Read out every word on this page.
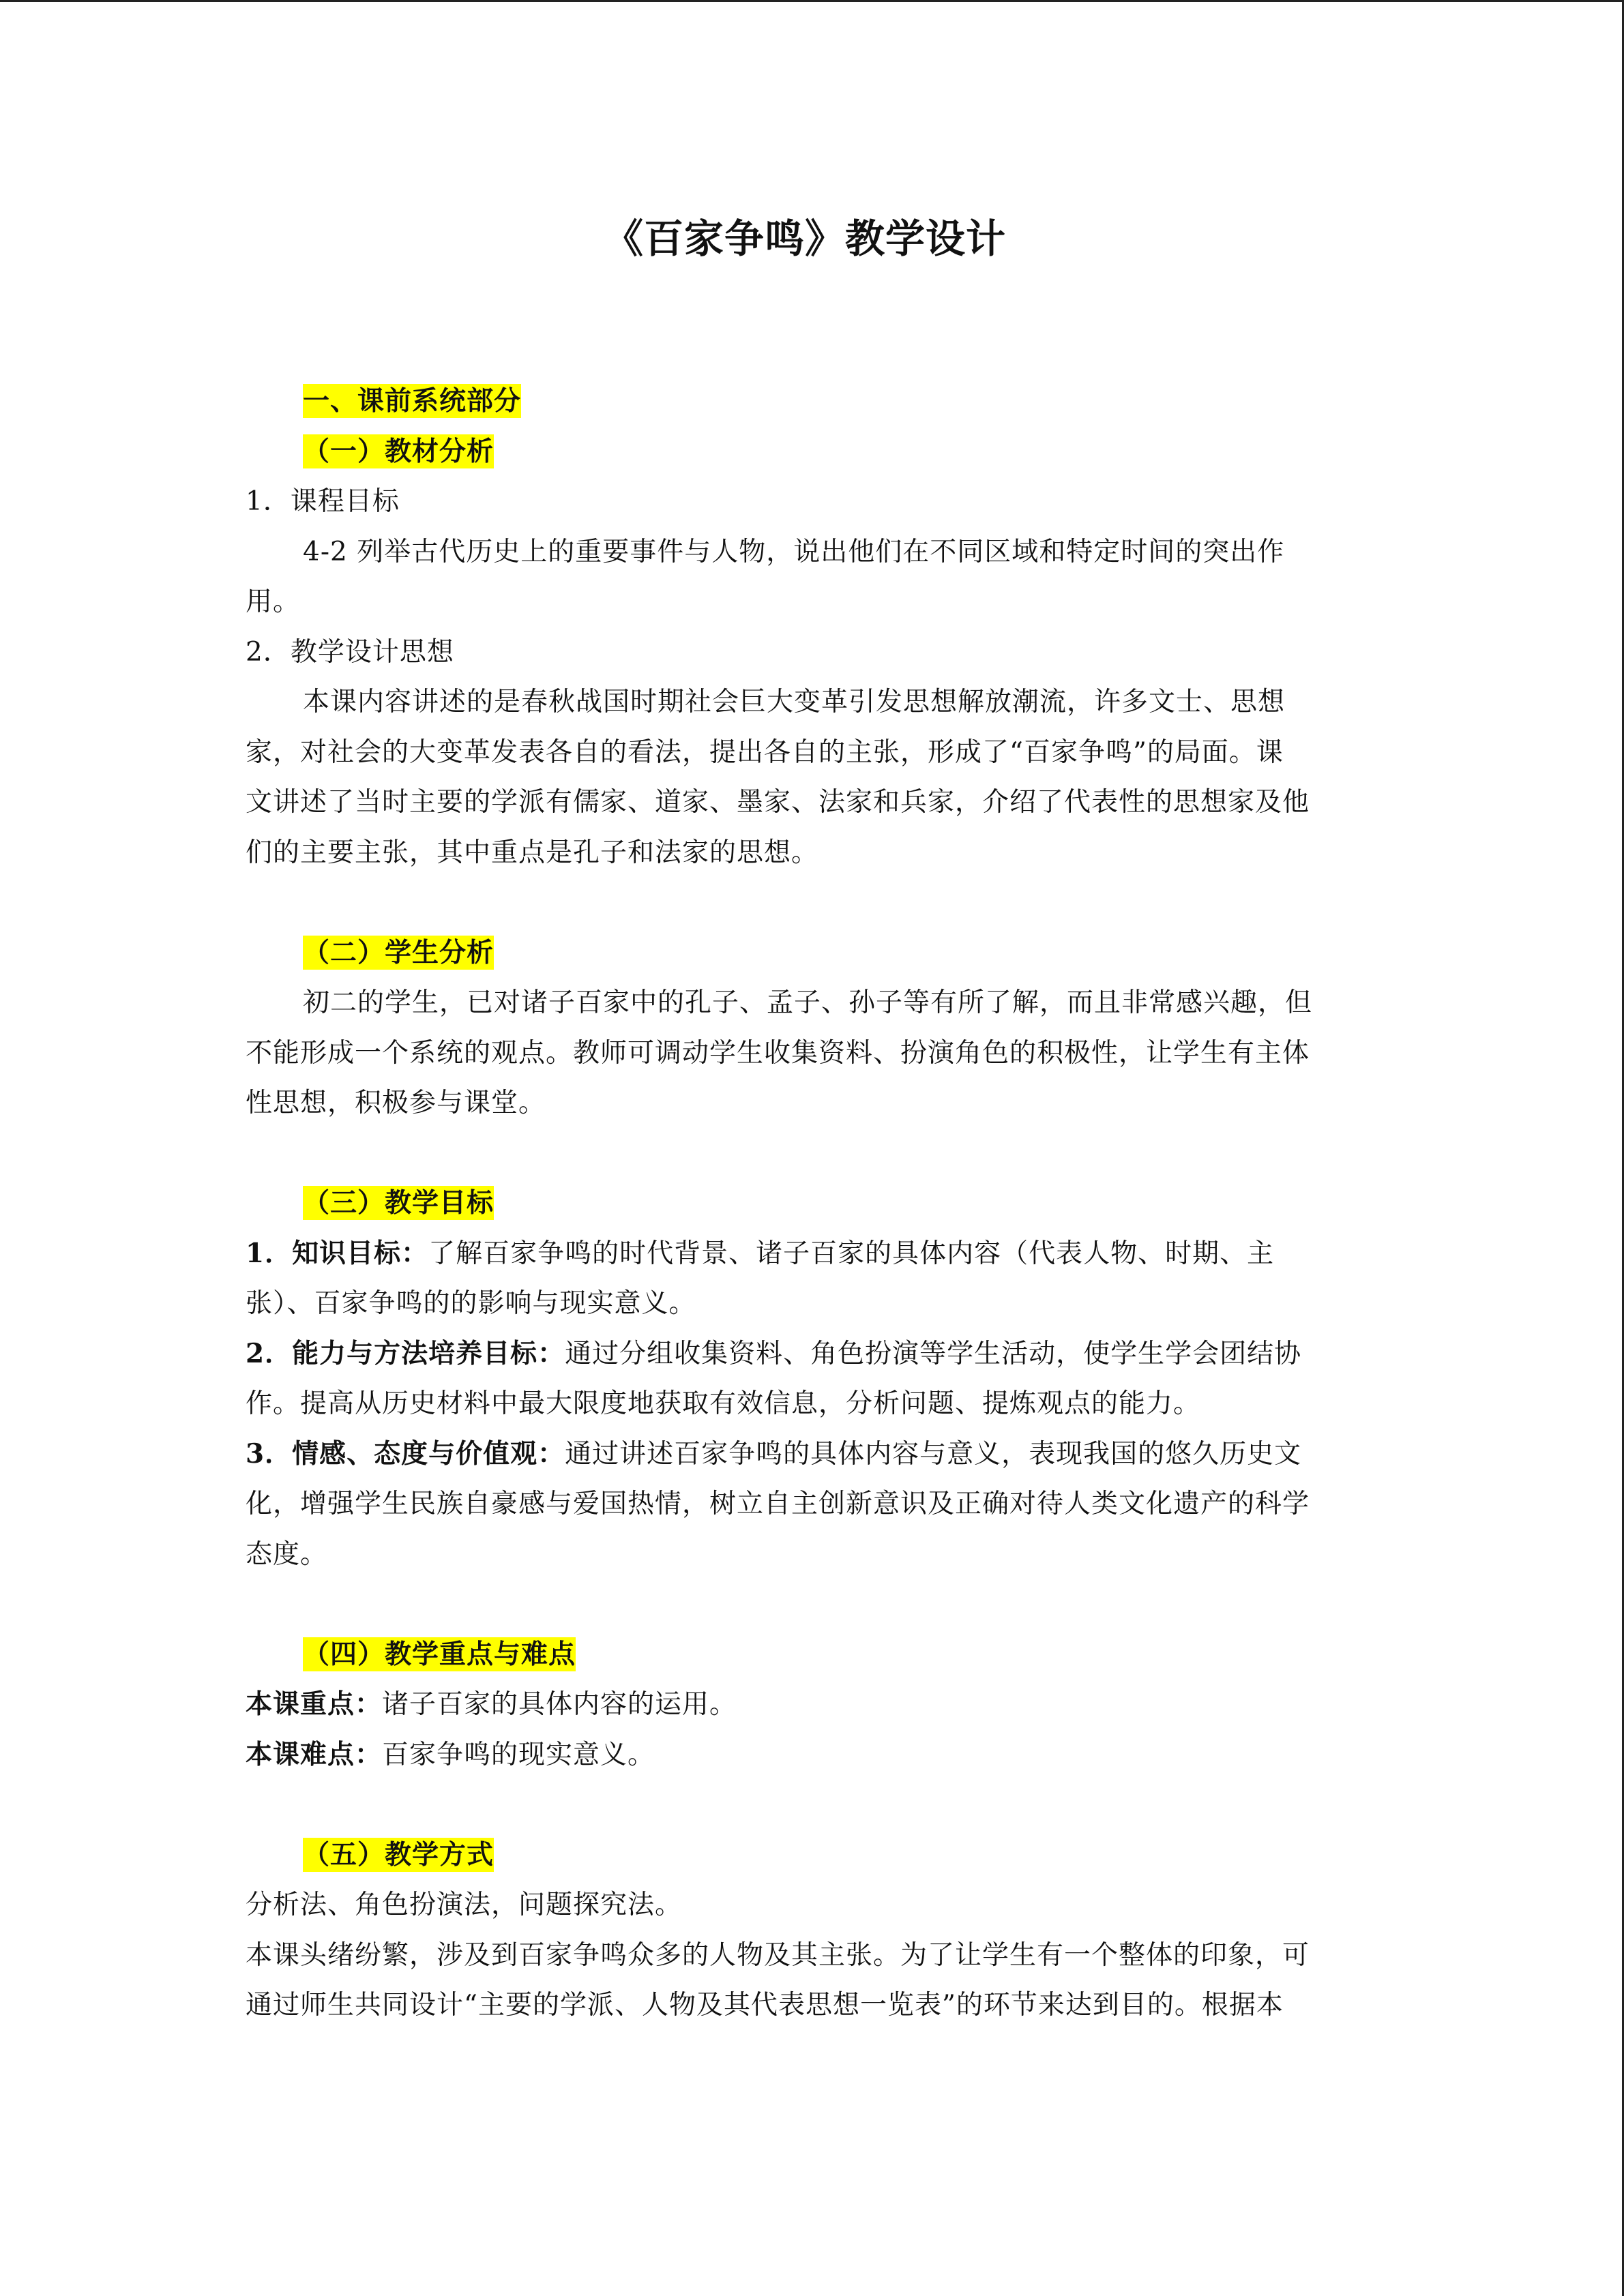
《百家争鸣》教学设计
一、课前系统部分
（一）教材分析
1．课程目标
4-2 列举古代历史上的重要事件与人物，说出他们在不同区域和特定时间的突出作
用。
2．教学设计思想
本课内容讲述的是春秋战国时期社会巨大变革引发思想解放潮流，许多文士、思想
家，对社会的大变革发表各自的看法，提出各自的主张，形成了“百家争鸣”的局面。课
文讲述了当时主要的学派有儒家、道家、墨家、法家和兵家，介绍了代表性的思想家及他
们的主要主张，其中重点是孔子和法家的思想。
（二）学生分析
初二的学生，已对诸子百家中的孔子、孟子、孙子等有所了解，而且非常感兴趣，但
不能形成一个系统的观点。教师可调动学生收集资料、扮演角色的积极性，让学生有主体
性思想，积极参与课堂。
（三）教学目标
1．知识目标：了解百家争鸣的时代背景、诸子百家的具体内容（代表人物、时期、主
张）、百家争鸣的的影响与现实意义。
2．能力与方法培养目标：通过分组收集资料、角色扮演等学生活动，使学生学会团结协
作。提高从历史材料中最大限度地获取有效信息，分析问题、提炼观点的能力。
3．情感、态度与价值观：通过讲述百家争鸣的具体内容与意义，表现我国的悠久历史文
化，增强学生民族自豪感与爱国热情，树立自主创新意识及正确对待人类文化遗产的科学
态度。
（四）教学重点与难点
本课重点：诸子百家的具体内容的运用。
本课难点：百家争鸣的现实意义。
（五）教学方式
分析法、角色扮演法，问题探究法。
本课头绪纷繁，涉及到百家争鸣众多的人物及其主张。为了让学生有一个整体的印象，可
通过师生共同设计“主要的学派、人物及其代表思想一览表”的环节来达到目的。根据本
